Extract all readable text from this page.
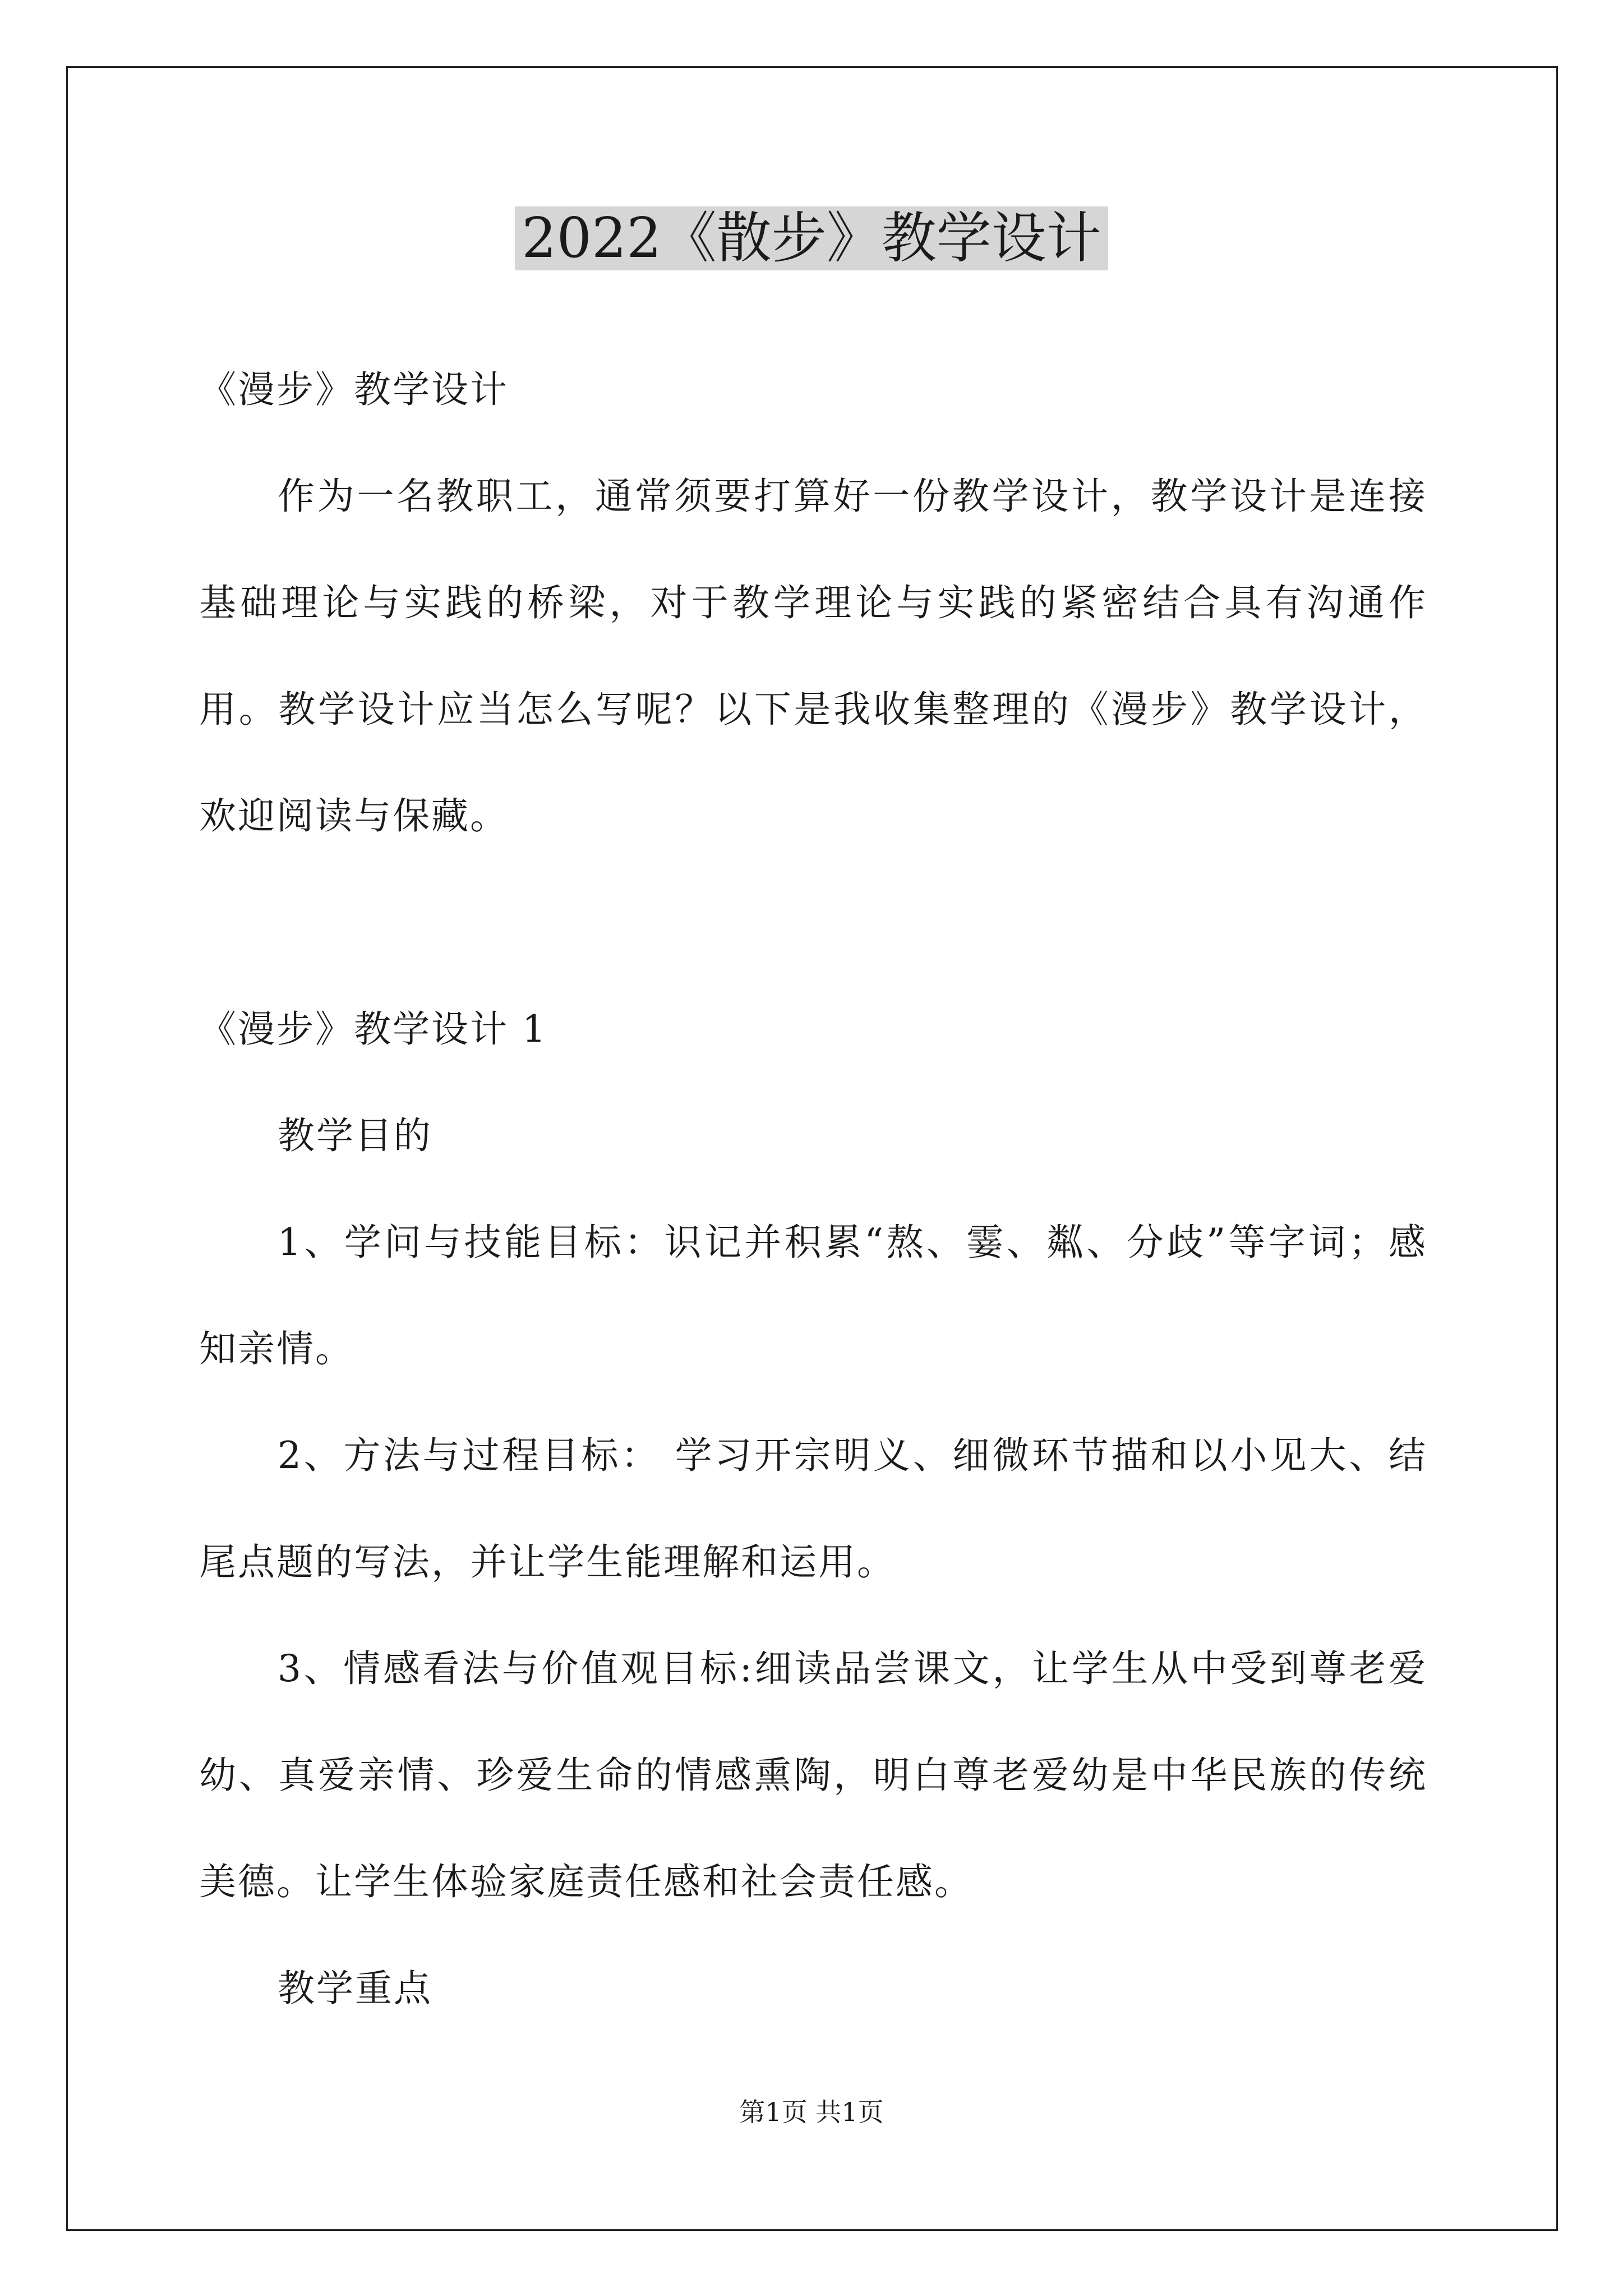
2022《散步》教学设计

《漫步》教学设计

作为一名教职工，通常须要打算好一份教学设计，教学设计是连接基础理论与实践的桥梁，对于教学理论与实践的紧密结合具有沟通作用。教学设计应当怎么写呢？以下是我收集整理的《漫步》教学设计，欢迎阅读与保藏。

《漫步》教学设计 1

教学目的

1、学问与技能目标：识记并积累“熬、霎、粼、分歧”等字词；感知亲情。

2、方法与过程目标： 学习开宗明义、细微环节描和以小见大、结尾点题的写法，并让学生能理解和运用。

3、情感看法与价值观目标:细读品尝课文，让学生从中受到尊老爱幼、真爱亲情、珍爱生命的情感熏陶，明白尊老爱幼是中华民族的传统美德。让学生体验家庭责任感和社会责任感。

教学重点

第1页 共1页
